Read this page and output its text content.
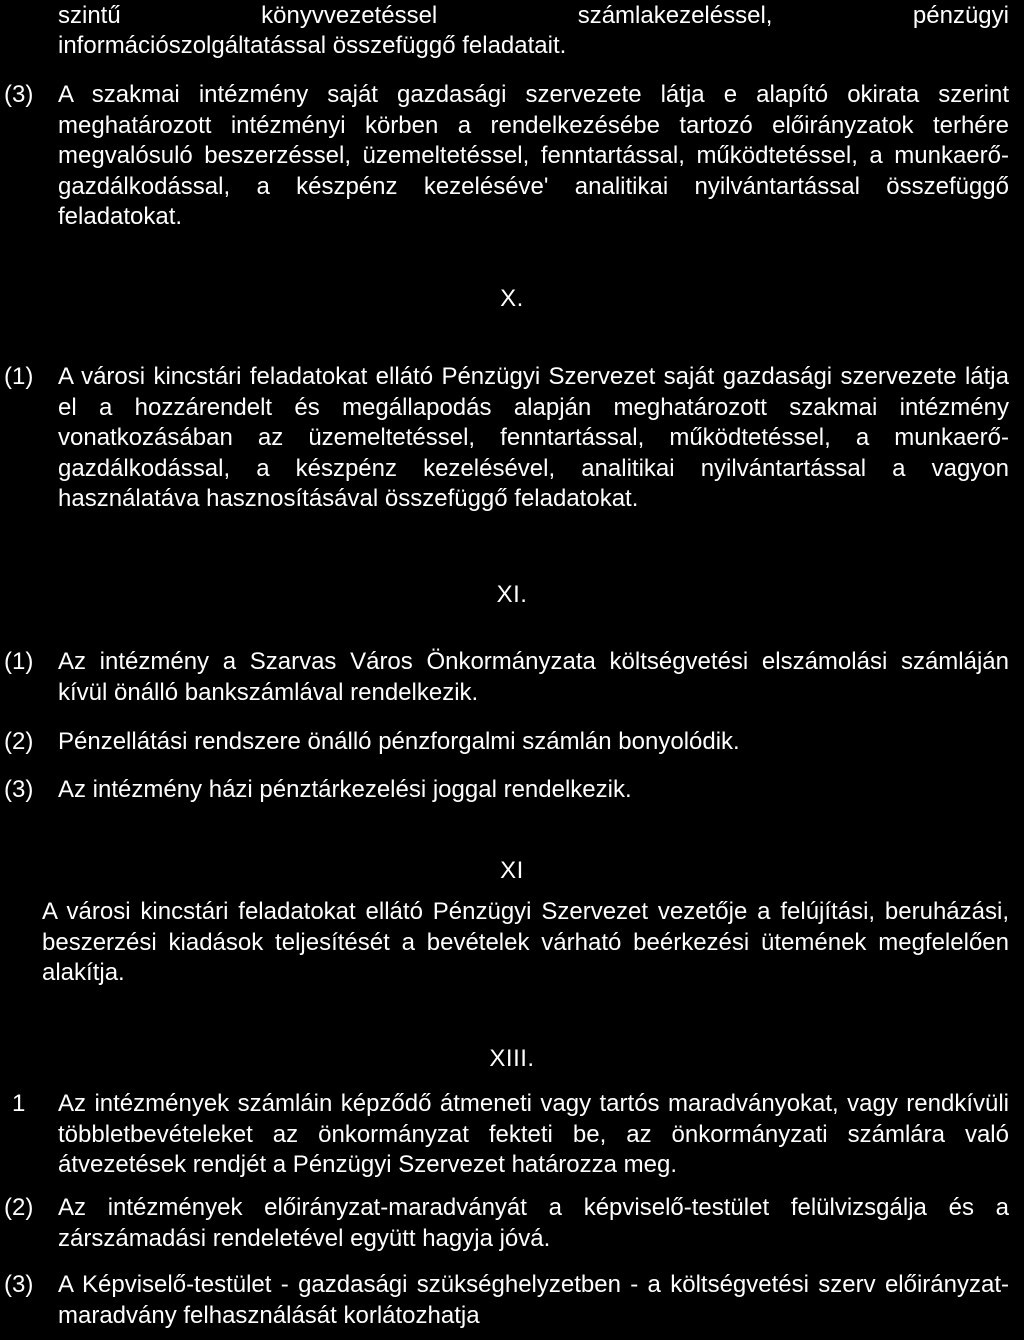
szintű könyvvezetéssel számlakezeléssel, pénzügyi

információszolgáltatással összefüggő feladatait.

(3) A szakmai intézmény saját gazdasági szervezete látja e alapító okirata szerint meghatározott intézményi körben a rendelkezésébe tartozó előirányzatok terhére megvalósuló beszerzéssel, üzemeltetéssel, fenntartással, működtetéssel, a munkaerő-gazdálkodással, a készpénz kezeléséve' analitikai nyilvántartással összefüggő feladatokat.

X.

(1) A városi kincstári feladatokat ellátó Pénzügyi Szervezet saját gazdasági szervezete látja el a hozzárendelt és megállapodás alapján meghatározott szakmai intézmény vonatkozásában az üzemeltetéssel, fenntartással, működtetéssel, a munkaerő-gazdálkodással, a készpénz kezelésével, analitikai nyilvántartással a vagyon használatáva hasznosításával összefüggő feladatokat.

XI.

(1) Az intézmény a Szarvas Város Önkormányzata költségvetési elszámolási számláján kívül önálló bankszámlával rendelkezik.

(2) Pénzellátási rendszere önálló pénzforgalmi számlán bonyolódik.

(3) Az intézmény házi pénztárkezelési joggal rendelkezik.

XI

A városi kincstári feladatokat ellátó Pénzügyi Szervezet vezetője a felújítási, beruházási, beszerzési kiadások teljesítését a bevételek várható beérkezési ütemének megfelelően alakítja.

XIII.

1 Az intézmények számláin képződő átmeneti vagy tartós maradványokat, vagy rendkívüli többletbevételeket az önkormányzat fekteti be, az önkormányzati számlára való átvezetések rendjét a Pénzügyi Szervezet határozza meg.

(2) Az intézmények előirányzat-maradványát a képviselő-testület felülvizsgálja és a zárszámadási rendeletével együtt hagyja jóvá.

(3) A Képviselő-testület - gazdasági szükséghelyzetben - a költségvetési szerv előirányzat-maradvány felhasználását korlátozhatja
